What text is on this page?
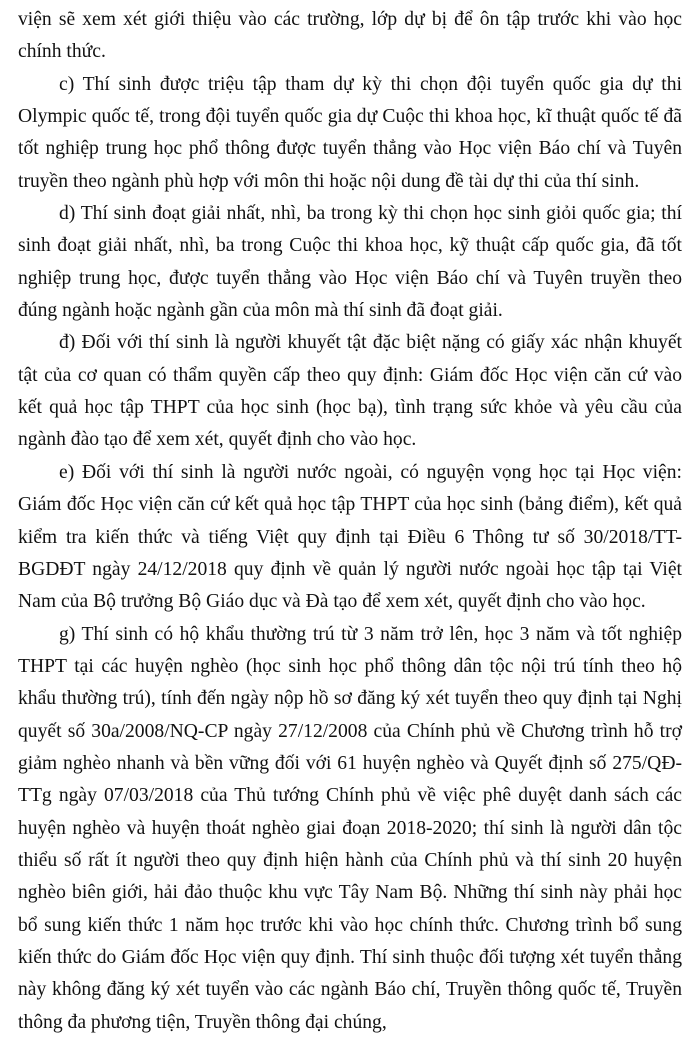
viện sẽ xem xét giới thiệu vào các trường, lớp dự bị để ôn tập trước khi vào học chính thức.

c) Thí sinh được triệu tập tham dự kỳ thi chọn đội tuyển quốc gia dự thi Olympic quốc tế, trong đội tuyển quốc gia dự Cuộc thi khoa học, kĩ thuật quốc tế đã tốt nghiệp trung học phổ thông được tuyển thẳng vào Học viện Báo chí và Tuyên truyền theo ngành phù hợp với môn thi hoặc nội dung đề tài dự thi của thí sinh.

d) Thí sinh đoạt giải nhất, nhì, ba trong kỳ thi chọn học sinh giỏi quốc gia; thí sinh đoạt giải nhất, nhì, ba trong Cuộc thi khoa học, kỹ thuật cấp quốc gia, đã tốt nghiệp trung học, được tuyển thẳng vào Học viện Báo chí và Tuyên truyền theo đúng ngành hoặc ngành gần của môn mà thí sinh đã đoạt giải.

đ) Đối với thí sinh là người khuyết tật đặc biệt nặng có giấy xác nhận khuyết tật của cơ quan có thẩm quyền cấp theo quy định: Giám đốc Học viện căn cứ vào kết quả học tập THPT của học sinh (học bạ), tình trạng sức khỏe và yêu cầu của ngành đào tạo để xem xét, quyết định cho vào học.

e) Đối với thí sinh là người nước ngoài, có nguyện vọng học tại Học viện: Giám đốc Học viện căn cứ kết quả học tập THPT của học sinh (bảng điểm), kết quả kiểm tra kiến thức và tiếng Việt quy định tại Điều 6 Thông tư số 30/2018/TT-BGDĐT ngày 24/12/2018 quy định về quản lý người nước ngoài học tập tại Việt Nam của Bộ trưởng Bộ Giáo dục và Đà tạo để xem xét, quyết định cho vào học.

g) Thí sinh có hộ khẩu thường trú từ 3 năm trở lên, học 3 năm và tốt nghiệp THPT tại các huyện nghèo (học sinh học phổ thông dân tộc nội trú tính theo hộ khẩu thường trú), tính đến ngày nộp hồ sơ đăng ký xét tuyển theo quy định tại Nghị quyết số 30a/2008/NQ-CP ngày 27/12/2008 của Chính phủ về Chương trình hỗ trợ giảm nghèo nhanh và bền vững đối với 61 huyện nghèo và Quyết định số 275/QĐ-TTg ngày 07/03/2018 của Thủ tướng Chính phủ về việc phê duyệt danh sách các huyện nghèo và huyện thoát nghèo giai đoạn 2018-2020; thí sinh là người dân tộc thiểu số rất ít người theo quy định hiện hành của Chính phủ và thí sinh 20 huyện nghèo biên giới, hải đảo thuộc khu vực Tây Nam Bộ. Những thí sinh này phải học bổ sung kiến thức 1 năm học trước khi vào học chính thức. Chương trình bổ sung kiến thức do Giám đốc Học viện quy định. Thí sinh thuộc đối tượng xét tuyển thẳng này không đăng ký xét tuyển vào các ngành Báo chí, Truyền thông quốc tế, Truyền thông đa phương tiện, Truyền thông đại chúng,
